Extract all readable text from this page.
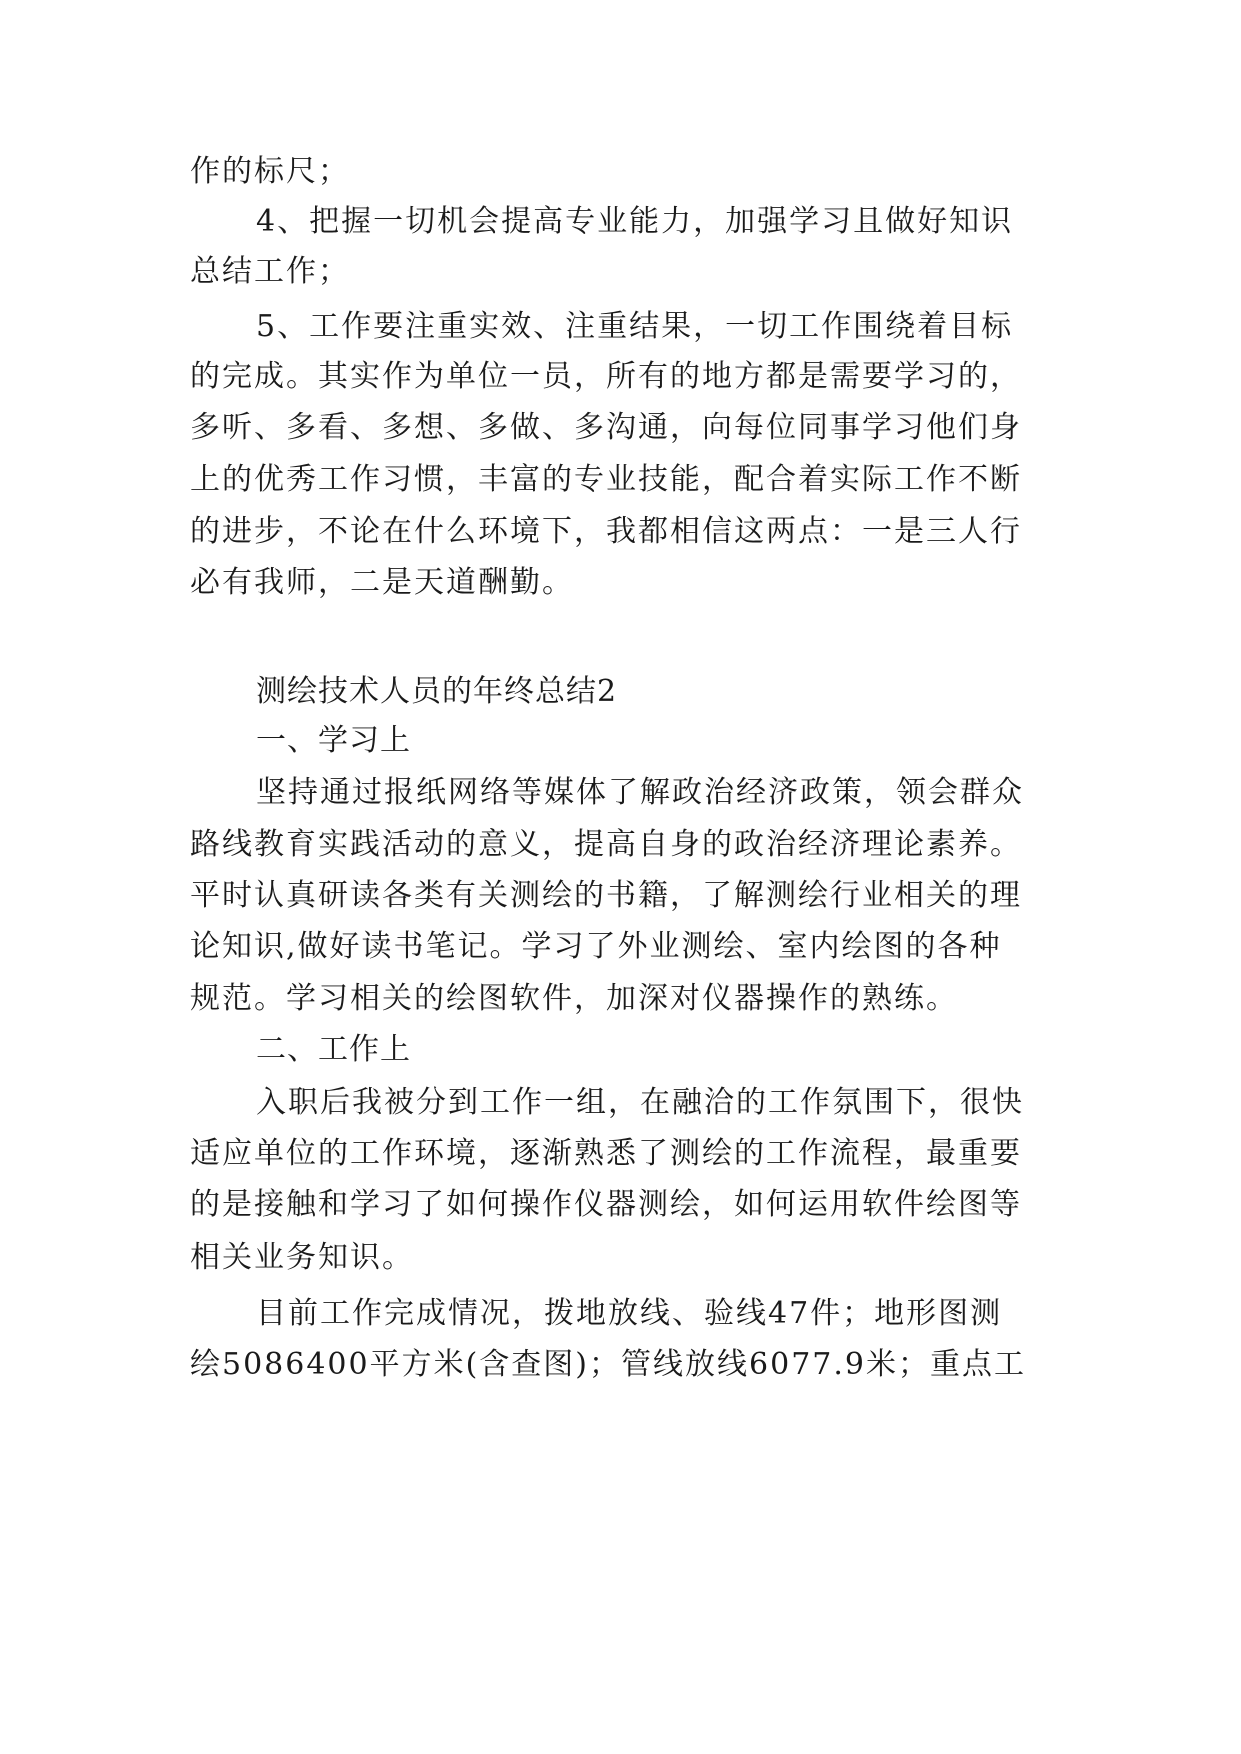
作的标尺；
4、把握一切机会提高专业能力，加强学习且做好知识
总结工作；
5、工作要注重实效、注重结果，一切工作围绕着目标
的完成。其实作为单位一员，所有的地方都是需要学习的，
多听、多看、多想、多做、多沟通，向每位同事学习他们身
上的优秀工作习惯，丰富的专业技能，配合着实际工作不断
的进步，不论在什么环境下，我都相信这两点：一是三人行
必有我师，二是天道酬勤。
测绘技术人员的年终总结2
一、学习上
坚持通过报纸网络等媒体了解政治经济政策，领会群众
路线教育实践活动的意义，提高自身的政治经济理论素养。
平时认真研读各类有关测绘的书籍，了解测绘行业相关的理
论知识,做好读书笔记。学习了外业测绘、室内绘图的各种
规范。学习相关的绘图软件，加深对仪器操作的熟练。
二、工作上
入职后我被分到工作一组，在融洽的工作氛围下，很快
适应单位的工作环境，逐渐熟悉了测绘的工作流程，最重要
的是接触和学习了如何操作仪器测绘，如何运用软件绘图等
相关业务知识。
目前工作完成情况，拨地放线、验线47件；地形图测
绘5086400平方米(含查图)；管线放线6077.9米；重点工
